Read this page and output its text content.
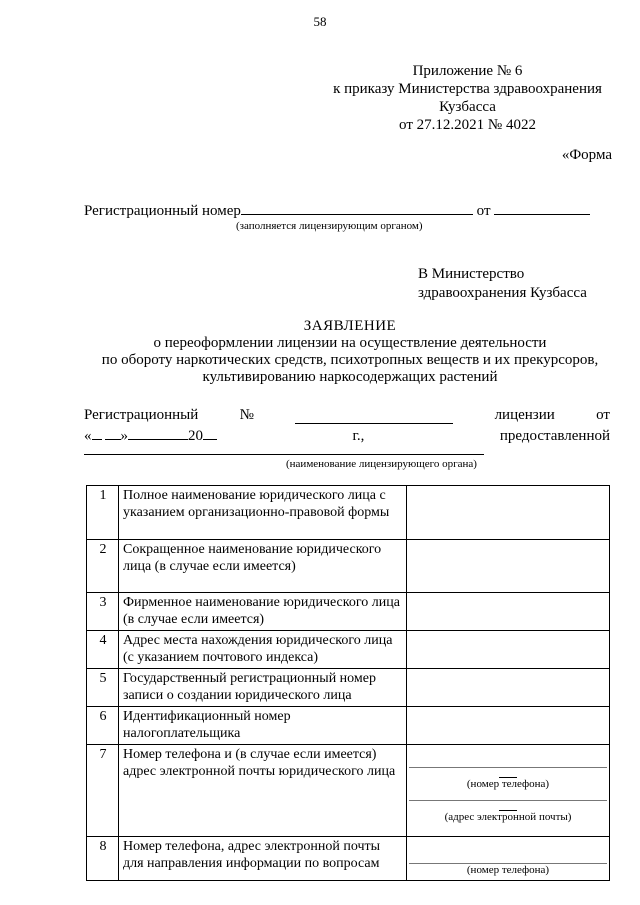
58
Приложение № 6
к приказу Министерства здравоохранения
Кузбасса
от 27.12.2021 № 4022
«Форма
Регистрационный номер	от
(заполняется лицензирующим органом)
В Министерство
здравоохранения Кузбасса
ЗАЯВЛЕНИЕ
о переоформлении лицензии на осуществление деятельности
по обороту наркотических средств, психотропных веществ и их прекурсоров,
культивированию наркосодержащих растений
Регистрационный	№	лицензии	от
« »	20	г.,	предоставленной
(наименование лицензирующего органа)
1	Полное наименование юридического лица с указанием организационно-правовой формы	
2	Сокращенное наименование юридического лица (в случае если имеется)	
3	Фирменное наименование юридического лица (в случае если имеется)	
4	Адрес места нахождения юридического лица (с указанием почтового индекса)	
5	Государственный регистрационный номер записи о создании юридического лица	
6	Идентификационный номер налогоплательщика	
7	Номер телефона и (в случае если имеется) адрес электронной почты юридического лица	(номер телефона)
(адрес электронной почты)

8	Номер телефона, адрес электронной почты для направления информации по вопросам	(номер телефона)
